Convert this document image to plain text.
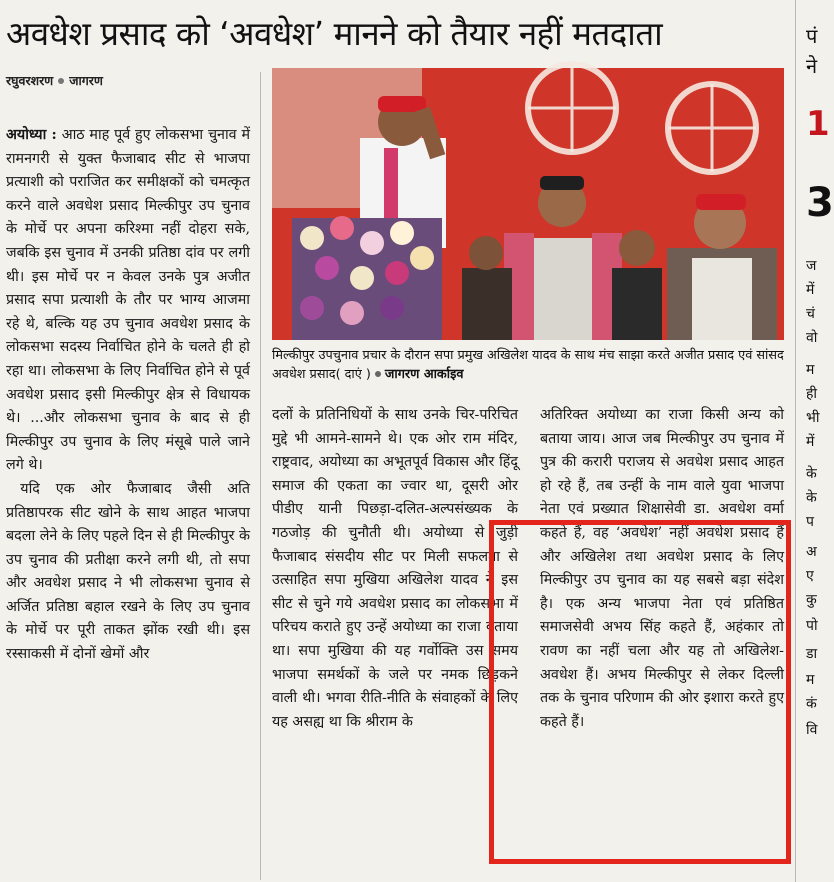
अवधेश प्रसाद को ‘अवधेश’ मानने को तैयार नहीं मतदाता
रघुवरशरण जागरण

अयोध्या : आठ माह पूर्व हुए लोकसभा चुनाव में रामनगरी से युक्त फैजाबाद सीट से भाजपा प्रत्याशी को पराजित कर समीक्षकों को चमत्कृत करने वाले अवधेश प्रसाद मिल्कीपुर उप चुनाव के मोर्चे पर अपना करिश्मा नहीं दोहरा सके, जबकि इस चुनाव में उनकी प्रतिष्ठा दांव पर लगी थी। इस मोर्चे पर न केवल उनके पुत्र अजीत प्रसाद सपा प्रत्याशी के तौर पर भाग्य आजमा रहे थे, बल्कि यह उप चुनाव अवधेश प्रसाद के लोकसभा सदस्य निर्वाचित होने के चलते ही हो रहा था। लोकसभा के लिए निर्वाचित होने से पूर्व अवधेश प्रसाद इसी मिल्कीपुर क्षेत्र से विधायक थे। ...और लोकसभा चुनाव के बाद से ही मिल्कीपुर उप चुनाव के लिए मंसूबे पाले जाने लगे थे।

यदि एक ओर फैजाबाद जैसी अति प्रतिष्ठापरक सीट खोने के साथ आहत भाजपा बदला लेने के लिए पहले दिन से ही मिल्कीपुर के उप चुनाव की प्रतीक्षा करने लगी थी, तो सपा और अवधेश प्रसाद ने भी लोकसभा चुनाव से अर्जित प्रतिष्ठा बहाल रखने के लिए उप चुनाव के मोर्चे पर पूरी ताकत झोंक रखी थी। इस रस्साकसी में दोनों खेमों और

मिल्कीपुर उपचुनाव प्रचार के दौरान सपा प्रमुख अखिलेश यादव के साथ मंच साझा करते अजीत प्रसाद एवं सांसद अवधेश प्रसाद( दाएं ) जागरण आर्काइव

दलों के प्रतिनिधियों के साथ उनके चिर-परिचित मुद्दे भी आमने-सामने थे। एक ओर राम मंदिर, राष्ट्रवाद, अयोध्या का अभूतपूर्व विकास और हिंदू समाज की एकता का ज्वार था, दूसरी ओर पीडीए यानी पिछड़ा-दलित-अल्पसंख्यक के गठजोड़ की चुनौती थी। अयोध्या से जुड़ी फैजाबाद संसदीय सीट पर मिली सफलता से उत्साहित सपा मुखिया अखिलेश यादव ने इस सीट से चुने गये अवधेश प्रसाद का लोकसभा में परिचय कराते हुए उन्हें अयोध्या का राजा बताया था। सपा मुखिया की यह गर्वोक्ति उस समय भाजपा समर्थकों के जले पर नमक छिड़कने वाली थी। भगवा रीति-नीति के संवाहकों के लिए यह असह्य था कि श्रीराम के

अतिरिक्त अयोध्या का राजा किसी अन्य को बताया जाय। आज जब मिल्कीपुर उप चुनाव में पुत्र की करारी पराजय से अवधेश प्रसाद आहत हो रहे हैं, तब उन्हीं के नाम वाले युवा भाजपा नेता एवं प्रख्यात शिक्षासेवी डा. अवधेश वर्मा कहते हैं, वह ‘अवधेश’ नहीं अवधेश प्रसाद हैं और अखिलेश तथा अवधेश प्रसाद के लिए मिल्कीपुर उप चुनाव का यह सबसे बड़ा संदेश है। एक अन्य भाजपा नेता एवं प्रतिष्ठित समाजसेवी अभय सिंह कहते हैं, अहंकार तो रावण का नहीं चला और यह तो अखिलेश-अवधेश हैं। अभय मिल्कीपुर से लेकर दिल्ली तक के चुनाव परिणाम की ओर इशारा करते हुए कहते हैं।

पं
ने
1
3
ज
में
चं
वो
म
ही
भी
में
के
के
प
अ
ए
कु
पो
डा
म
कं
वि
